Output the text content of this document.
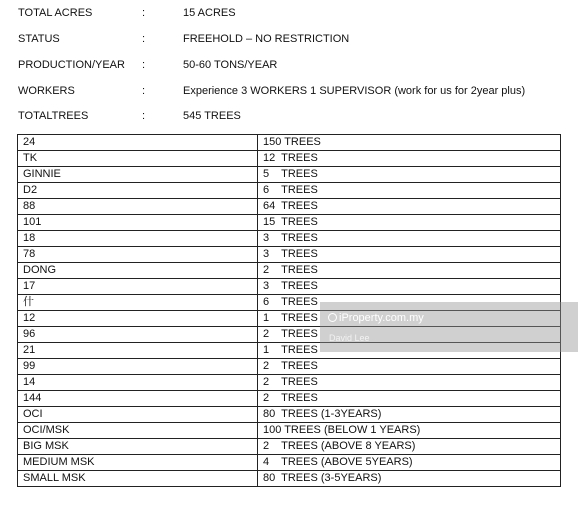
TOTAL ACRES	:	15 ACRES
STATUS	:	FREEHOLD – NO RESTRICTION
PRODUCTION/YEAR	:	50-60 TONS/YEAR
WORKERS	:	Experience 3 WORKERS 1 SUPERVISOR (work for us for 2year plus)
TOTALTREES	:	545 TREES
24	150 TREES
TK	12  TREES
GINNIE	5    TREES
D2	6    TREES
88	64  TREES
101	15  TREES
18	3    TREES
78	3    TREES
DONG	2    TREES
17	3    TREES
什	6    TREES
12	1    TREES
96	2    TREES
21	1    TREES
99	2    TREES
14	2    TREES
144	2    TREES
OCI	80  TREES (1-3YEARS)
OCI/MSK	100 TREES (BELOW 1 YEARS)
BIG MSK	2    TREES (ABOVE 8 YEARS)
MEDIUM MSK	4    TREES (ABOVE 5YEARS)
SMALL MSK	80  TREES (3-5YEARS)
iProperty.com.my
David Lee
